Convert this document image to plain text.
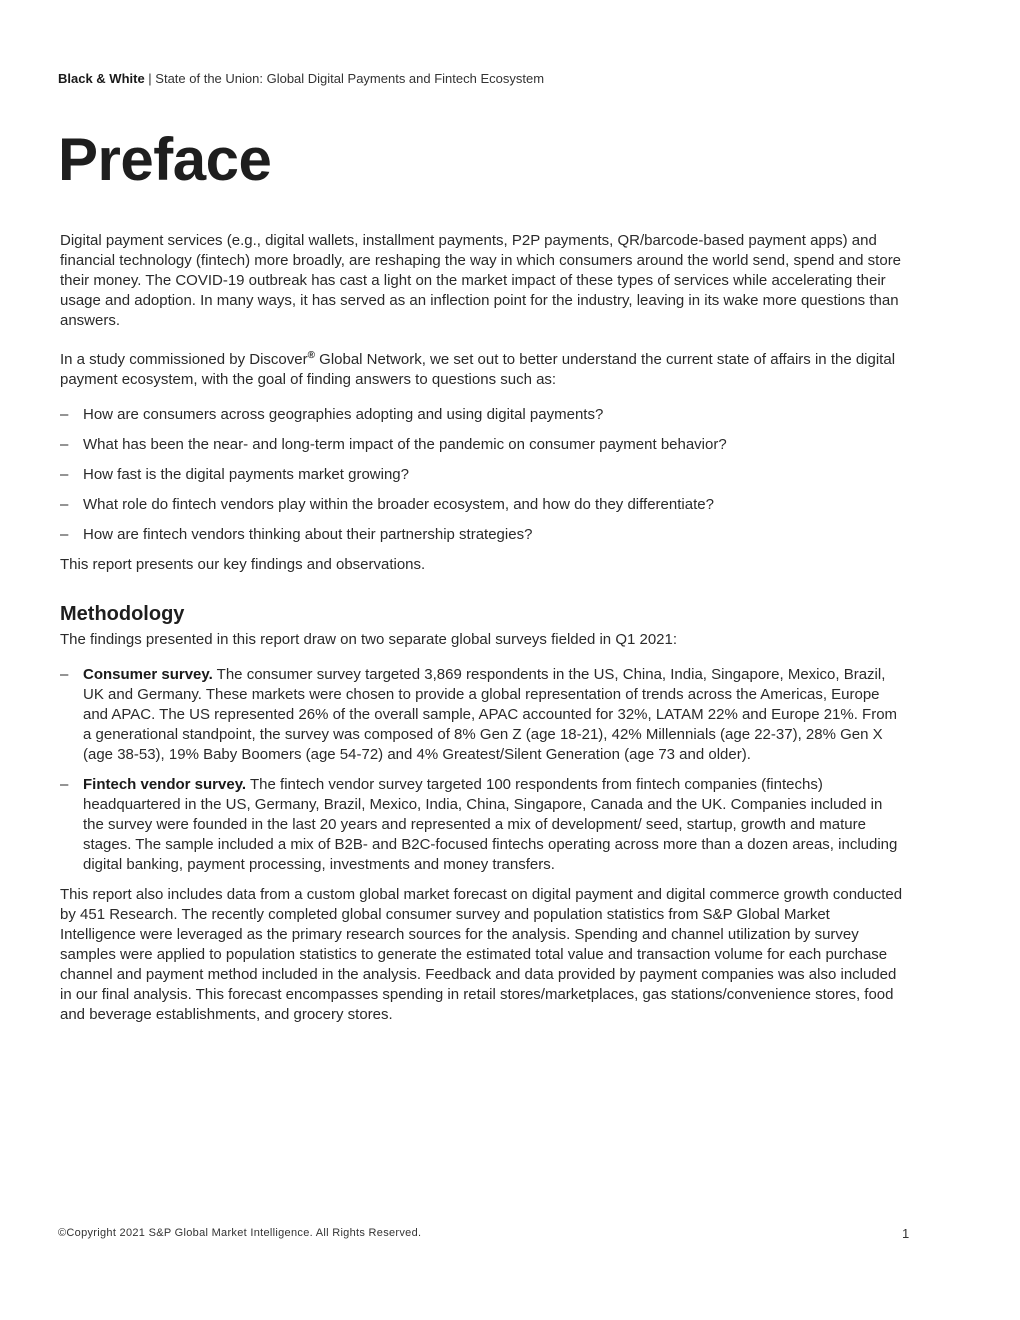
Black & White | State of the Union: Global Digital Payments and Fintech Ecosystem
Preface

Digital payment services (e.g., digital wallets, installment payments, P2P payments, QR/barcode-based payment apps) and financial technology (fintech) more broadly, are reshaping the way in which consumers around the world send, spend and store their money. The COVID-19 outbreak has cast a light on the market impact of these types of services while accelerating their usage and adoption. In many ways, it has served as an inflection point for the industry, leaving in its wake more questions than answers.

In a study commissioned by Discover® Global Network, we set out to better understand the current state of affairs in the digital payment ecosystem, with the goal of finding answers to questions such as:

– How are consumers across geographies adopting and using digital payments?
– What has been the near- and long-term impact of the pandemic on consumer payment behavior?
– How fast is the digital payments market growing?
– What role do fintech vendors play within the broader ecosystem, and how do they differentiate?
– How are fintech vendors thinking about their partnership strategies?

This report presents our key findings and observations.

Methodology

The findings presented in this report draw on two separate global surveys fielded in Q1 2021:

– Consumer survey. The consumer survey targeted 3,869 respondents in the US, China, India, Singapore, Mexico, Brazil, UK and Germany. These markets were chosen to provide a global representation of trends across the Americas, Europe and APAC. The US represented 26% of the overall sample, APAC accounted for 32%, LATAM 22% and Europe 21%. From a generational standpoint, the survey was composed of 8% Gen Z (age 18-21), 42% Millennials (age 22-37), 28% Gen X (age 38-53), 19% Baby Boomers (age 54-72) and 4% Greatest/Silent Generation (age 73 and older).
– Fintech vendor survey. The fintech vendor survey targeted 100 respondents from fintech companies (fintechs) headquartered in the US, Germany, Brazil, Mexico, India, China, Singapore, Canada and the UK. Companies included in the survey were founded in the last 20 years and represented a mix of development/ seed, startup, growth and mature stages. The sample included a mix of B2B- and B2C-focused fintechs operating across more than a dozen areas, including digital banking, payment processing, investments and money transfers.

This report also includes data from a custom global market forecast on digital payment and digital commerce growth conducted by 451 Research. The recently completed global consumer survey and population statistics from S&P Global Market Intelligence were leveraged as the primary research sources for the analysis. Spending and channel utilization by survey samples were applied to population statistics to generate the estimated total value and transaction volume for each purchase channel and payment method included in the analysis. Feedback and data provided by payment companies was also included in our final analysis. This forecast encompasses spending in retail stores/marketplaces, gas stations/convenience stores, food and beverage establishments, and grocery stores.

©Copyright 2021 S&P Global Market Intelligence. All Rights Reserved.	1
